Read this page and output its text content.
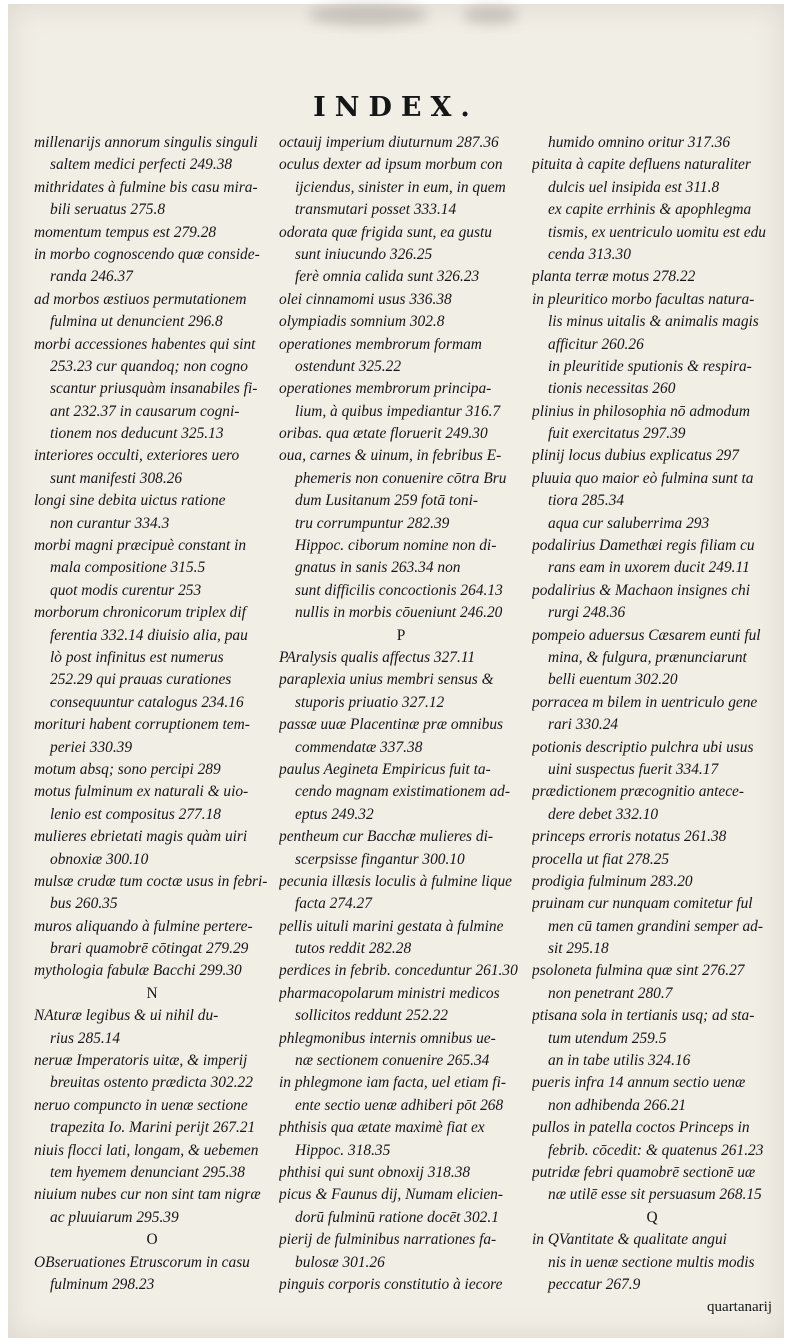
INDEX.
millenarijs annorum singulis singuli
saltem medici perfecti 249.38
mithridates à fulmine bis casu mira-
bili seruatus 275.8
momentum tempus est 279.28
in morbo cognoscendo quæ conside-
randa 246.37
ad morbos æstiuos permutationem
fulmina ut denuncient 296.8
morbi accessiones habentes qui sint
253.23 cur quandoq; non cogno
scantur priusquàm insanabiles fi-
ant 232.37 in causarum cogni-
tionem nos deducunt 325.13
interiores occulti, exteriores uero
sunt manifesti 308.26
longi sine debita uictus ratione
non curantur 334.3
morbi magni præcipuè constant in
mala compositione 315.5
quot modis curentur 253
morborum chronicorum triplex dif
ferentia 332.14 diuisio alia, pau
lò post infinitus est numerus
252.29 qui prauas curationes
consequuntur catalogus 234.16
morituri habent corruptionem tem-
periei 330.39
motum absq; sono percipi 289
motus fulminum ex naturali & uio-
lenio est compositus 277.18
mulieres ebrietati magis quàm uiri
obnoxiæ 300.10
mulsæ crudæ tum coctæ usus in febri-
bus 260.35
muros aliquando à fulmine pertere-
brari quamobrē cōtingat 279.29
mythologia fabulæ Bacchi 299.30
N
NAturæ legibus & ui nihil du-
rius 285.14
neruæ Imperatoris uitæ, & imperij
breuitas ostento prædicta 302.22
neruo compuncto in uenæ sectione
trapezita Io. Marini perijt 267.21
niuis flocci lati, longam, & uebemen
tem hyemem denunciant 295.38
niuium nubes cur non sint tam nigræ
ac pluuiarum 295.39
O
OBseruationes Etruscorum in casu
fulminum 298.23
octauij imperium diuturnum 287.36
oculus dexter ad ipsum morbum con
ijciendus, sinister in eum, in quem
transmutari posset 333.14
odorata quæ frigida sunt, ea gustu
sunt iniucundo 326.25
ferè omnia calida sunt 326.23
olei cinnamomi usus 336.38
olympiadis somnium 302.8
operationes membrorum formam
ostendunt 325.22
operationes membrorum principa-
lium, à quibus impediantur 316.7
oribas. qua ætate floruerit 249.30
oua, carnes & uinum, in febribus E-
phemeris non conuenire cōtra Bru
dum Lusitanum 259 fotā toni-
tru corrumpuntur 282.39
Hippoc. ciborum nomine non di-
gnatus in sanis 263.34 non
sunt difficilis concoctionis 264.13
nullis in morbis cōueniunt 246.20
P
PAralysis qualis affectus 327.11
paraplexia unius membri sensus &
stuporis priuatio 327.12
passæ uuæ Placentinæ præ omnibus
commendatæ 337.38
paulus Aegineta Empiricus fuit ta-
cendo magnam existimationem ad-
eptus 249.32
pentheum cur Bacchæ mulieres di-
scerpsisse fingantur 300.10
pecunia illæsis loculis à fulmine lique
facta 274.27
pellis uituli marini gestata à fulmine
tutos reddit 282.28
perdices in febrib. conceduntur 261.30
pharmacopolarum ministri medicos
sollicitos reddunt 252.22
phlegmonibus internis omnibus ue-
næ sectionem conuenire 265.34
in phlegmone iam facta, uel etiam fi-
ente sectio uenæ adhiberi pōt 268
phthisis qua ætate maximè fiat ex
Hippoc. 318.35
phthisi qui sunt obnoxij 318.38
picus & Faunus dij, Numam elicien-
dorū fulminū ratione docēt 302.1
pierij de fulminibus narrationes fa-
bulosæ 301.26
pinguis corporis constitutio à iecore
humido omnino oritur 317.36
pituita à capite defluens naturaliter
dulcis uel insipida est 311.8
ex capite errhinis & apophlegma
tismis, ex uentriculo uomitu est edu
cenda 313.30
planta terræ motus 278.22
in pleuritico morbo facultas natura-
lis minus uitalis & animalis magis
afficitur 260.26
in pleuritide sputionis & respira-
tionis necessitas 260
plinius in philosophia nō admodum
fuit exercitatus 297.39
plinij locus dubius explicatus 297
pluuia quo maior eò fulmina sunt ta
tiora 285.34
aqua cur saluberrima 293
podalirius Damethæi regis filiam cu
rans eam in uxorem ducit 249.11
podalirius & Machaon insignes chi
rurgi 248.36
pompeio aduersus Cæsarem eunti ful
mina, & fulgura, prænunciarunt
belli euentum 302.20
porracea m bilem in uentriculo gene
rari 330.24
potionis descriptio pulchra ubi usus
uini suspectus fuerit 334.17
prædictionem præcognitio antece-
dere debet 332.10
princeps erroris notatus 261.38
procella ut fiat 278.25
prodigia fulminum 283.20
pruinam cur nunquam comitetur ful
men cū tamen grandini semper ad-
sit 295.18
psoloneta fulmina quæ sint 276.27
non penetrant 280.7
ptisana sola in tertianis usq; ad sta-
tum utendum 259.5
an in tabe utilis 324.16
pueris infra 14 annum sectio uenæ
non adhibenda 266.21
pullos in patella coctos Princeps in
febrib. cōcedit: & quatenus 261.23
putridæ febri quamobrē sectionē uæ
næ utilē esse sit persuasum 268.15
Q
in QVantitate & qualitate angui
nis in uenæ sectione multis modis
peccatur 267.9
quartanarij
